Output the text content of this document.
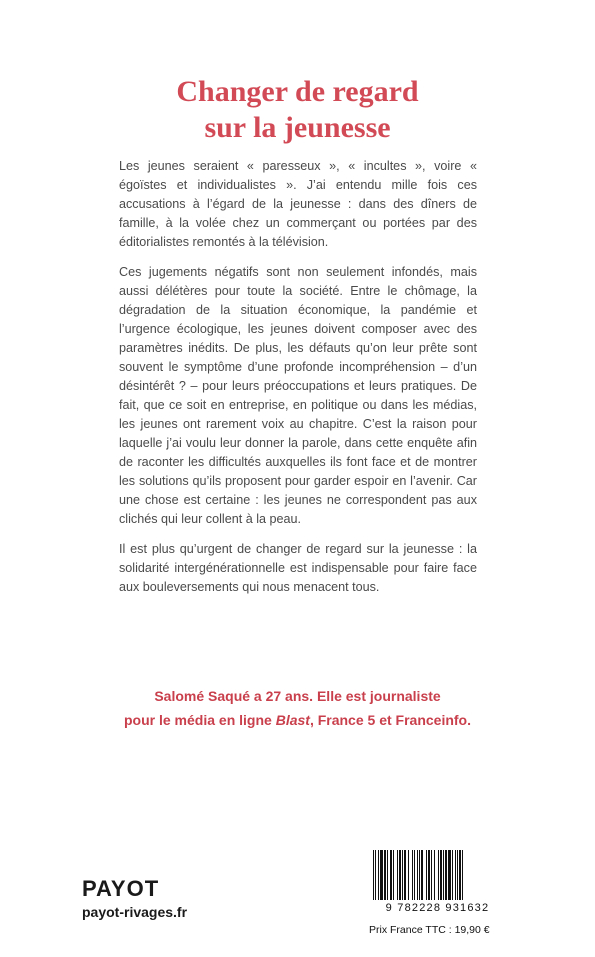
Changer de regard
sur la jeunesse

Les jeunes seraient « paresseux », « incultes », voire « égoïstes et individualistes ». J’ai entendu mille fois ces accusations à l’égard de la jeunesse : dans des dîners de famille, à la volée chez un commerçant ou portées par des éditorialistes remontés à la télévision.

Ces jugements négatifs sont non seulement infondés, mais aussi délétères pour toute la société. Entre le chômage, la dégradation de la situation économique, la pandémie et l’urgence écologique, les jeunes doivent composer avec des paramètres inédits. De plus, les défauts qu’on leur prête sont souvent le symptôme d’une profonde incompréhension – d’un désintérêt ? – pour leurs préoccupations et leurs pratiques. De fait, que ce soit en entreprise, en politique ou dans les médias, les jeunes ont rarement voix au chapitre. C’est la raison pour laquelle j’ai voulu leur donner la parole, dans cette enquête afin de raconter les difficultés auxquelles ils font face et de montrer les solutions qu’ils proposent pour garder espoir en l’avenir. Car une chose est certaine : les jeunes ne correspondent pas aux clichés qui leur collent à la peau.

Il est plus qu’urgent de changer de regard sur la jeunesse : la solidarité intergénérationnelle est indispensable pour faire face aux bouleversements qui nous menacent tous.

Salomé Saqué a 27 ans. Elle est journaliste
pour le média en ligne Blast, France 5 et Franceinfo.
PAYOT
payot-rivages.fr	9 782228 931632
Prix France TTC : 19,90 €
